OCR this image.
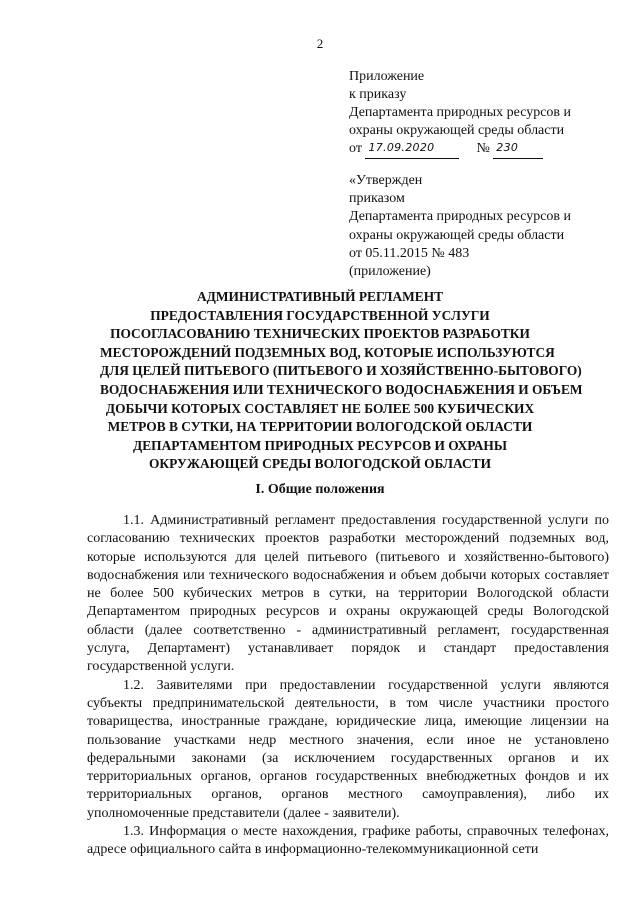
2
Приложение
к приказу
Департамента природных ресурсов и
охраны окружающей среды области
от 17.09.2020	№ 230
«Утвержден
приказом
Департамента природных ресурсов и
охраны окружающей среды области
от 05.11.2015 № 483
(приложение)
АДМИНИСТРАТИВНЫЙ РЕГЛАМЕНТ
ПРЕДОСТАВЛЕНИЯ ГОСУДАРСТВЕННОЙ УСЛУГИ
ПОСОГЛАСОВАНИЮ ТЕХНИЧЕСКИХ ПРОЕКТОВ РАЗРАБОТКИ
МЕСТОРОЖДЕНИЙ ПОДЗЕМНЫХ ВОД, КОТОРЫЕ ИСПОЛЬЗУЮТСЯ
ДЛЯ ЦЕЛЕЙ ПИТЬЕВОГО (ПИТЬЕВОГО И ХОЗЯЙСТВЕННО-БЫТОВОГО)
ВОДОСНАБЖЕНИЯ ИЛИ ТЕХНИЧЕСКОГО ВОДОСНАБЖЕНИЯ И ОБЪЕМ
ДОБЫЧИ КОТОРЫХ СОСТАВЛЯЕТ НЕ БОЛЕЕ 500 КУБИЧЕСКИХ
МЕТРОВ В СУТКИ, НА ТЕРРИТОРИИ ВОЛОГОДСКОЙ ОБЛАСТИ
ДЕПАРТАМЕНТОМ ПРИРОДНЫХ РЕСУРСОВ И ОХРАНЫ
ОКРУЖАЮЩЕЙ СРЕДЫ ВОЛОГОДСКОЙ ОБЛАСТИ
I. Общие положения

1.1. Административный регламент предоставления государственной услуги по согласованию технических проектов разработки месторождений подземных вод, которые используются для целей питьевого (питьевого и хозяйственно-бытового) водоснабжения или технического водоснабжения и объем добычи которых составляет не более 500 кубических метров в сутки, на территории Вологодской области Департаментом природных ресурсов и охраны окружающей среды Вологодской области (далее соответственно - административный регламент, государственная услуга, Департамент) устанавливает порядок и стандарт предоставления государственной услуги.

1.2. Заявителями при предоставлении государственной услуги являются субъекты предпринимательской деятельности, в том числе участники простого товарищества, иностранные граждане, юридические лица, имеющие лицензии на пользование участками недр местного значения, если иное не установлено федеральными законами (за исключением государственных органов и их территориальных органов, органов государственных внебюджетных фондов и их территориальных органов, органов местного самоуправления), либо их уполномоченные представители (далее - заявители).

1.3. Информация о месте нахождения, графике работы, справочных телефонах, адресе официального сайта в информационно-телекоммуникационной сети
